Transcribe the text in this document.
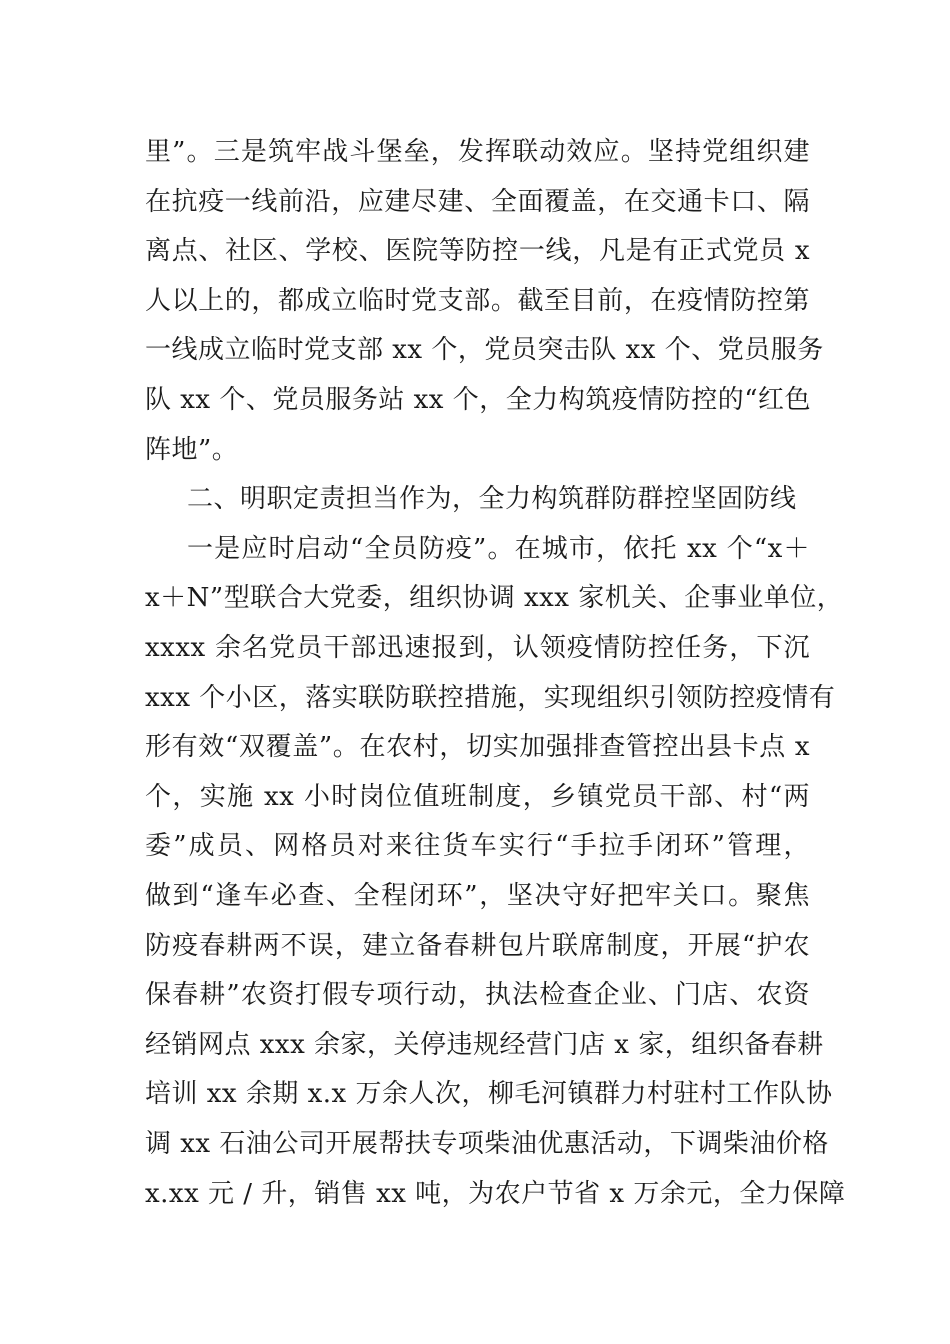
里”。三是筑牢战斗堡垒，发挥联动效应。坚持党组织建
在抗疫一线前沿，应建尽建、全面覆盖，在交通卡口、隔
离点、社区、学校、医院等防控一线，凡是有正式党员 x
人以上的，都成立临时党支部。截至目前，在疫情防控第
一线成立临时党支部 xx 个，党员突击队 xx 个、党员服务
队 xx 个、党员服务站 xx 个，全力构筑疫情防控的“红色
阵地”。
二、明职定责担当作为，全力构筑群防群控坚固防线
一是应时启动“全员防疫”。在城市，依托 xx 个“x＋
x＋N”型联合大党委，组织协调 xxx 家机关、企事业单位，
xxxx 余名党员干部迅速报到，认领疫情防控任务，下沉
xxx 个小区，落实联防联控措施，实现组织引领防控疫情有
形有效“双覆盖”。在农村，切实加强排查管控出县卡点 x
个，实施 xx 小时岗位值班制度，乡镇党员干部、村“两
委”成员、网格员对来往货车实行“手拉手闭环”管理，
做到“逢车必查、全程闭环”，坚决守好把牢关口。聚焦
防疫春耕两不误，建立备春耕包片联席制度，开展“护农
保春耕”农资打假专项行动，执法检查企业、门店、农资
经销网点 xxx 余家，关停违规经营门店 x 家，组织备春耕
培训 xx 余期 x.x 万余人次，柳毛河镇群力村驻村工作队协
调 xx 石油公司开展帮扶专项柴油优惠活动，下调柴油价格
x.xx 元 / 升，销售 xx 吨，为农户节省 x 万余元，全力保障
